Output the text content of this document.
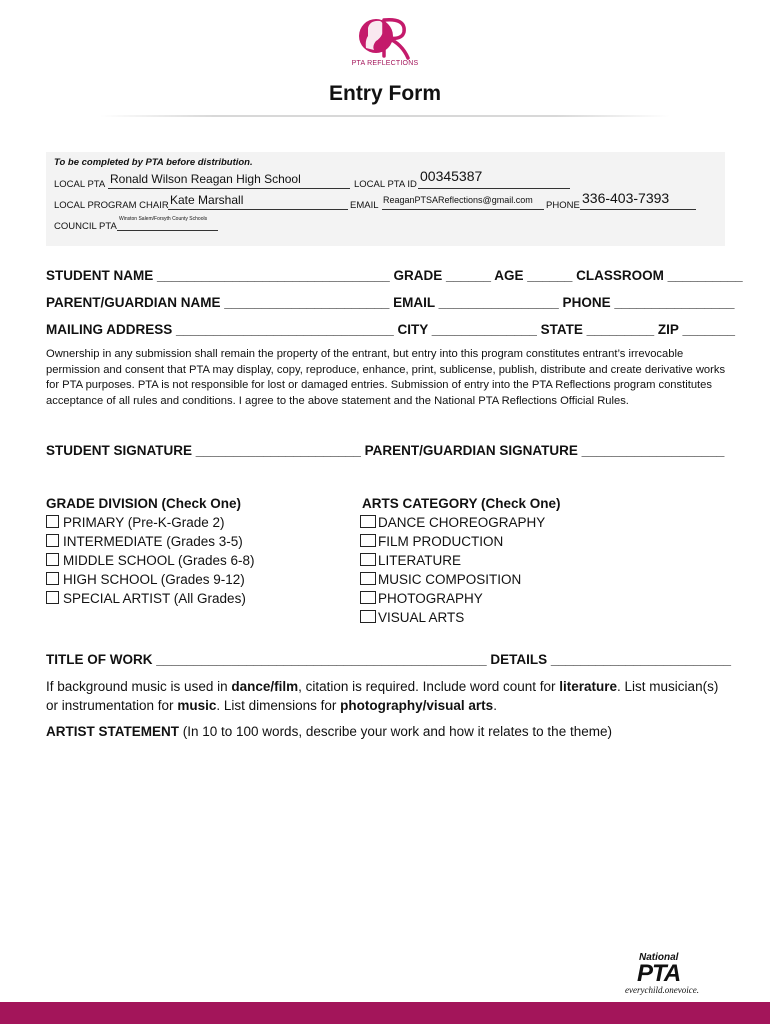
PTA REFLECTIONS
Entry Form
To be completed by PTA before distribution.
LOCAL PTA Ronald Wilson Reagan High School	LOCAL PTA ID
00345387
LOCAL PROGRAM CHAIR Kate Marshall	EMAIL ReaganPTSAReflections@gmail.com PHONE 336-403-7393
COUNCIL PTA
Winston Salem/Forsyth County Schools
STUDENT NAME _______________________________ GRADE ______ AGE ______ CLASSROOM __________
PARENT/GUARDIAN NAME ______________________ EMAIL ________________ PHONE ________________
MAILING ADDRESS _____________________________ CITY ______________ STATE _________ ZIP _______
Ownership in any submission shall remain the property of the entrant, but entry into this program constitutes entrant’s irrevocable permission and consent that PTA may display, copy, reproduce, enhance, print, sublicense, publish, distribute and create derivative works for PTA purposes. PTA is not responsible for lost or damaged entries. Submission of entry into the PTA Reflections program constitutes acceptance of all rules and conditions. I agree to the above statement and the National PTA Reflections Official Rules.
STUDENT SIGNATURE ______________________ PARENT/GUARDIAN SIGNATURE ___________________
GRADE DIVISION (Check One)
PRIMARY (Pre-K-Grade 2)
INTERMEDIATE (Grades 3-5)
MIDDLE SCHOOL (Grades 6-8)
HIGH SCHOOL (Grades 9-12)
SPECIAL ARTIST (All Grades)
ARTS CATEGORY (Check One)
DANCE CHOREOGRAPHY
FILM PRODUCTION
LITERATURE
MUSIC COMPOSITION
PHOTOGRAPHY
VISUAL ARTS
TITLE OF WORK ____________________________________________ DETAILS ________________________
If background music is used in dance/film, citation is required. Include word count for literature. List musician(s) or instrumentation for music. List dimensions for photography/visual arts.
ARTIST STATEMENT (In 10 to 100 words, describe your work and how it relates to the theme)
National
PTA
everychild.onevoice.
